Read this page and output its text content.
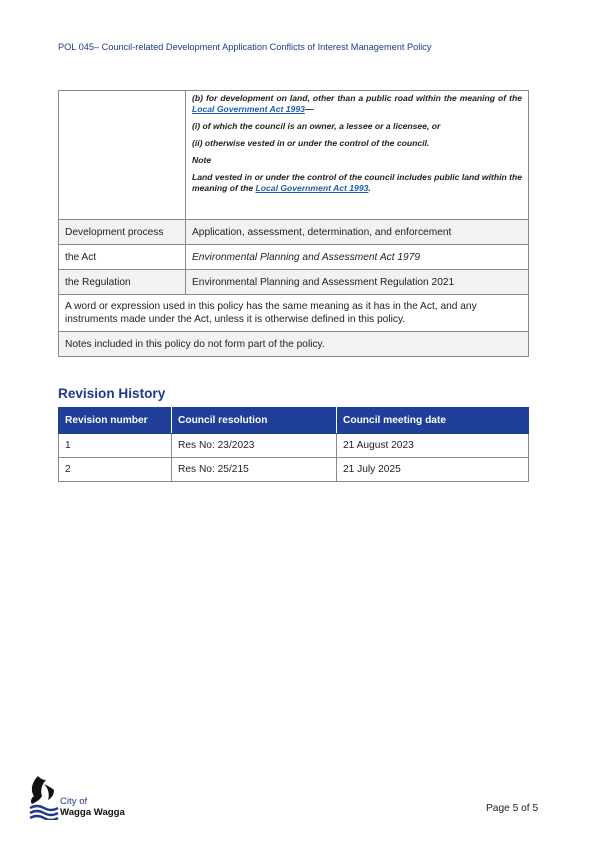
POL 045– Council-related Development Application Conflicts of Interest Management Policy

	(b) for development on land, other than a public road within the meaning of the Local Government Act 1993—

(i) of which the council is an owner, a lessee or a licensee, or

(ii) otherwise vested in or under the control of the council.

Note

Land vested in or under the control of the council includes public land within the meaning of the Local Government Act 1993.

Development process	Application, assessment, determination, and enforcement
the Act	Environmental Planning and Assessment Act 1979
the Regulation	Environmental Planning and Assessment Regulation 2021
A word or expression used in this policy has the same meaning as it has in the Act, and any instruments made under the Act, unless it is otherwise defined in this policy.	
Notes included in this policy do not form part of the policy.	
Revision History
Revision number	Council resolution	Council meeting date
1	Res No: 23/2023	21 August 2023
2	Res No: 25/215	21 July 2025
City of
Wagga Wagga	Page 5 of 5
